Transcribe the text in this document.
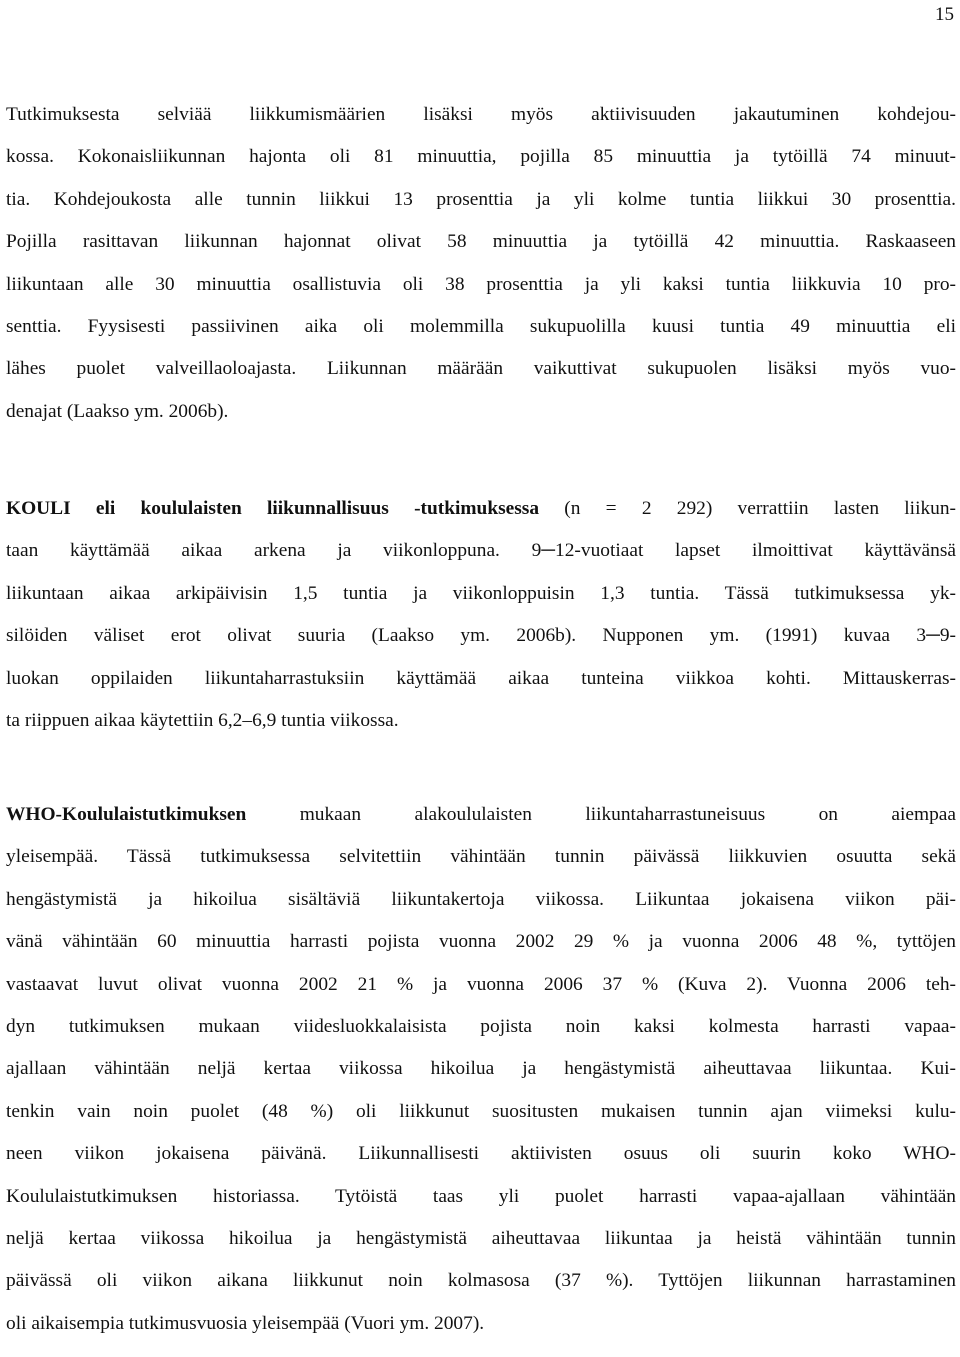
15

Tutkimuksesta selviää liikkumismäärien lisäksi myös aktiivisuuden jakautuminen kohdejou-
kossa. Kokonaisliikunnan hajonta oli 81 minuuttia, pojilla 85 minuuttia ja tytöillä 74 minuut-
tia. Kohdejoukosta alle tunnin liikkui 13 prosenttia ja yli kolme tuntia liikkui 30 prosenttia.
Pojilla rasittavan liikunnan hajonnat olivat 58 minuuttia ja tytöillä 42 minuuttia. Raskaaseen
liikuntaan alle 30 minuuttia osallistuvia oli 38 prosenttia ja yli kaksi tuntia liikkuvia 10 pro-
senttia. Fyysisesti passiivinen aika oli molemmilla sukupuolilla kuusi tuntia 49 minuuttia eli
lähes puolet valveillaoloajasta. Liikunnan määrään vaikuttivat sukupuolen lisäksi myös vuo-
denajat (Laakso ym. 2006b).

KOULI eli koululaisten liikunnallisuus -tutkimuksessa (n = 2 292) verrattiin lasten liikun-
taan käyttämää aikaa arkena ja viikonloppuna. 9─12-vuotiaat lapset ilmoittivat käyttävänsä
liikuntaan aikaa arkipäivisin 1,5 tuntia ja viikonloppuisin 1,3 tuntia. Tässä tutkimuksessa yk-
silöiden väliset erot olivat suuria (Laakso ym. 2006b). Nupponen ym. (1991) kuvaa 3─9-
luokan oppilaiden liikuntaharrastuksiin käyttämää aikaa tunteina viikkoa kohti. Mittauskerras-
ta riippuen aikaa käytettiin 6,2–6,9 tuntia viikossa.

WHO-Koululaistutkimuksen mukaan alakoululaisten liikuntaharrastuneisuus on aiempaa
yleisempää. Tässä tutkimuksessa selvitettiin vähintään tunnin päivässä liikkuvien osuutta sekä
hengästymistä ja hikoilua sisältäviä liikuntakertoja viikossa. Liikuntaa jokaisena viikon päi-
vänä vähintään 60 minuuttia harrasti pojista vuonna 2002 29 % ja vuonna 2006 48 %, tyttöjen
vastaavat luvut olivat vuonna 2002 21 % ja vuonna 2006 37 % (Kuva 2). Vuonna 2006 teh-
dyn tutkimuksen mukaan viidesluokkalaisista pojista noin kaksi kolmesta harrasti vapaa-
ajallaan vähintään neljä kertaa viikossa hikoilua ja hengästymistä aiheuttavaa liikuntaa. Kui-
tenkin vain noin puolet (48 %) oli liikkunut suositusten mukaisen tunnin ajan viimeksi kulu-
neen viikon jokaisena päivänä. Liikunnallisesti aktiivisten osuus oli suurin koko WHO-
Koululaistutkimuksen historiassa. Tytöistä taas yli puolet harrasti vapaa-ajallaan vähintään
neljä kertaa viikossa hikoilua ja hengästymistä aiheuttavaa liikuntaa ja heistä vähintään tunnin
päivässä oli viikon aikana liikkunut noin kolmasosa (37 %). Tyttöjen liikunnan harrastaminen
oli aikaisempia tutkimusvuosia yleisempää (Vuori ym. 2007).
